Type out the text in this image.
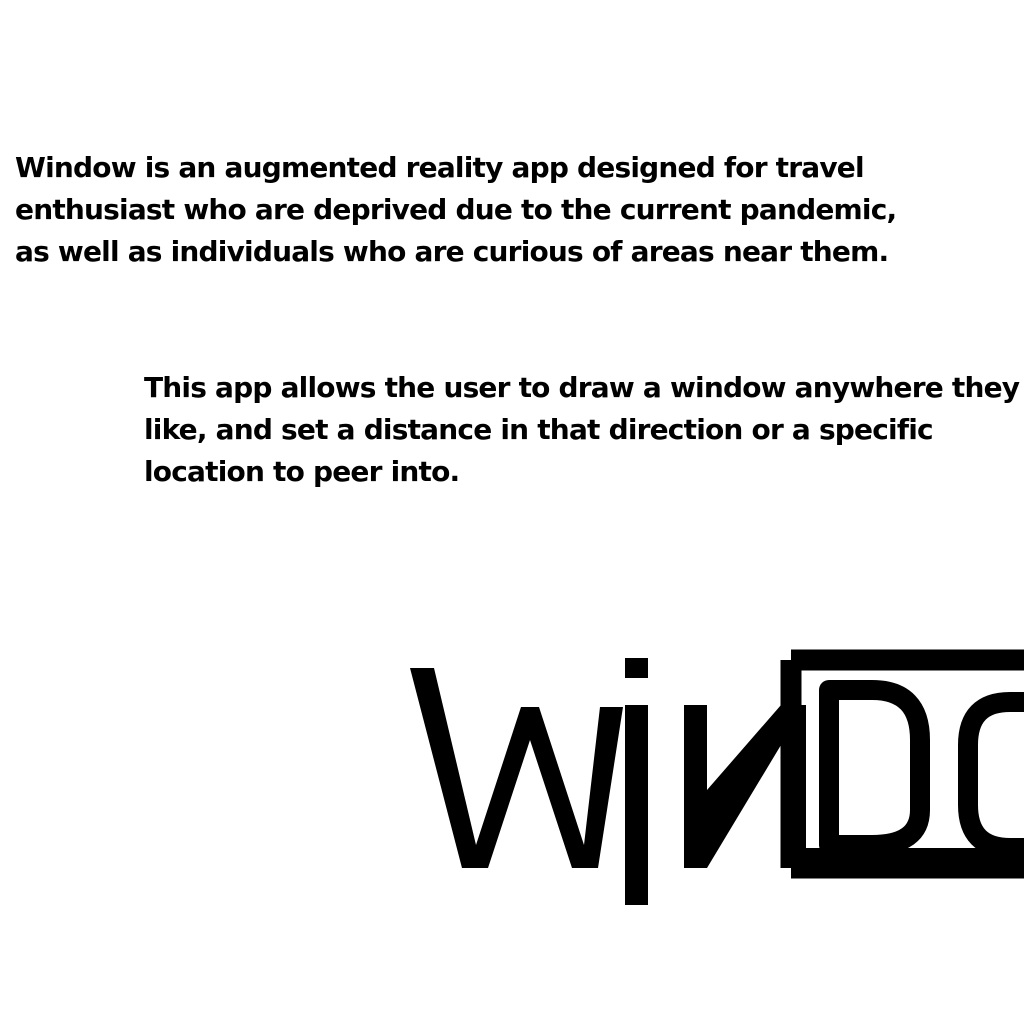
Window is an augmented reality app designed for travel
enthusiast who are deprived due to the current pandemic,
as well as individuals who are curious of areas near them.

This app allows the user to draw a window anywhere they
like, and set a distance in that direction or a specific
location to peer into.
